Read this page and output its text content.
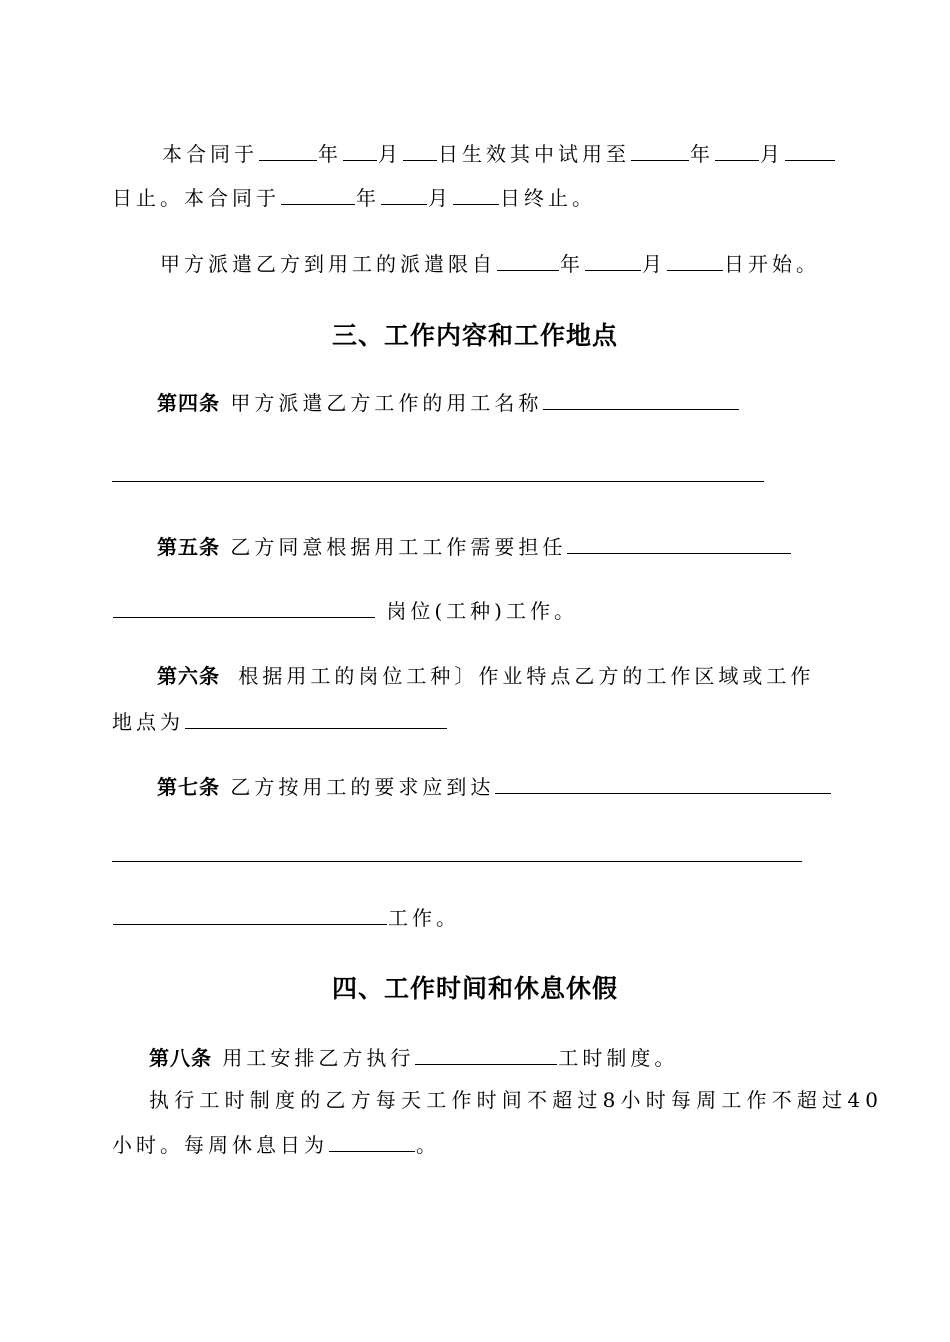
本合同于	年 月 日生效其中试用至	年 月
日止。本合同于	年 月 日终止。
甲方派遣乙方到用工的派遣限自	年	月	日开始。
三、工作内容和工作地点
第四条 甲方派遣乙方工作的用工名称
第五条 乙方同意根据用工工作需要担任
岗位(工种)工作。
第六条 根据用工的岗位工种〕作业特点乙方的工作区域或工作
地点为
第七条 乙方按用工的要求应到达
工作。
四、工作时间和休息休假
第八条 用工安排乙方执行	工时制度。
执行工时制度的乙方每天工作时间不超过8小时每周工作不超过40
小时。每周休息日为	。
